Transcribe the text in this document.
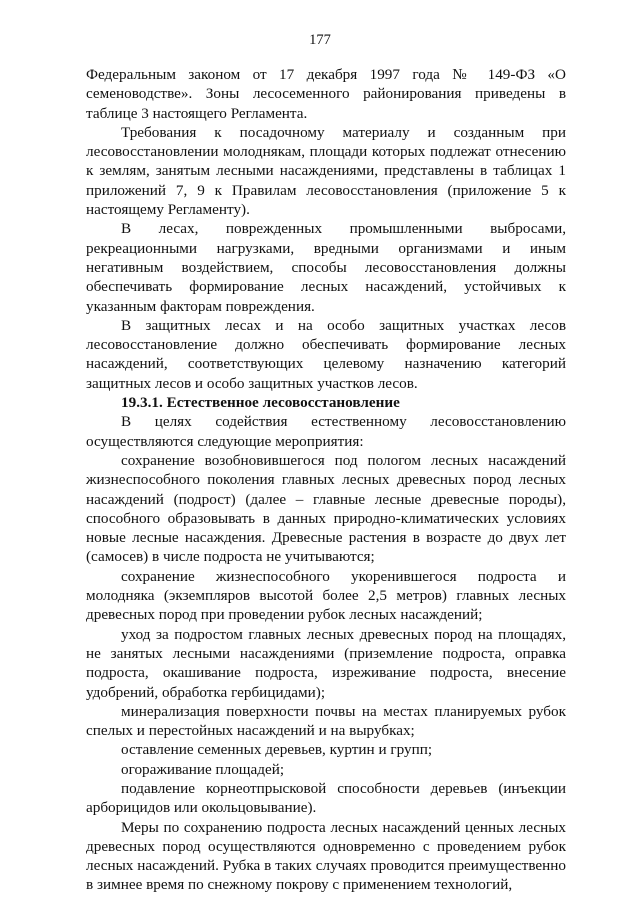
177

Федеральным законом от 17 декабря 1997 года № 149-ФЗ «О семеноводстве». Зоны лесосеменного районирования приведены в таблице 3 настоящего Регламента.

Требования к посадочному материалу и созданным при лесовосстановлении молоднякам, площади которых подлежат отнесению к землям, занятым лесными насаждениями, представлены в таблицах 1 приложений 7, 9 к Правилам лесовосстановления (приложение 5 к настоящему Регламенту).

В лесах, поврежденных промышленными выбросами, рекреационными нагрузками, вредными организмами и иным негативным воздействием, способы лесовосстановления должны обеспечивать формирование лесных насаждений, устойчивых к указанным факторам повреждения.

В защитных лесах и на особо защитных участках лесов лесовосстановление должно обеспечивать формирование лесных насаждений, соответствующих целевому назначению категорий защитных лесов и особо защитных участков лесов.

19.3.1. Естественное лесовосстановление

В целях содействия естественному лесовосстановлению осуществляются следующие мероприятия:

сохранение возобновившегося под пологом лесных насаждений жизнеспособного поколения главных лесных древесных пород лесных насаждений (подрост) (далее – главные лесные древесные породы), способного образовывать в данных природно-климатических условиях новые лесные насаждения. Древесные растения в возрасте до двух лет (самосев) в числе подроста не учитываются;

сохранение жизнеспособного укоренившегося подроста и молодняка (экземпляров высотой более 2,5 метров) главных лесных древесных пород при проведении рубок лесных насаждений;

уход за подростом главных лесных древесных пород на площадях, не занятых лесными насаждениями (приземление подроста, оправка подроста, окашивание подроста, изреживание подроста, внесение удобрений, обработка гербицидами);

минерализация поверхности почвы на местах планируемых рубок спелых и перестойных насаждений и на вырубках;

оставление семенных деревьев, куртин и групп;

огораживание площадей;

подавление корнеотпрысковой способности деревьев (инъекции арборицидов или окольцовывание).

Меры по сохранению подроста лесных насаждений ценных лесных древесных пород осуществляются одновременно с проведением рубок лесных насаждений. Рубка в таких случаях проводится преимущественно в зимнее время по снежному покрову с применением технологий,
